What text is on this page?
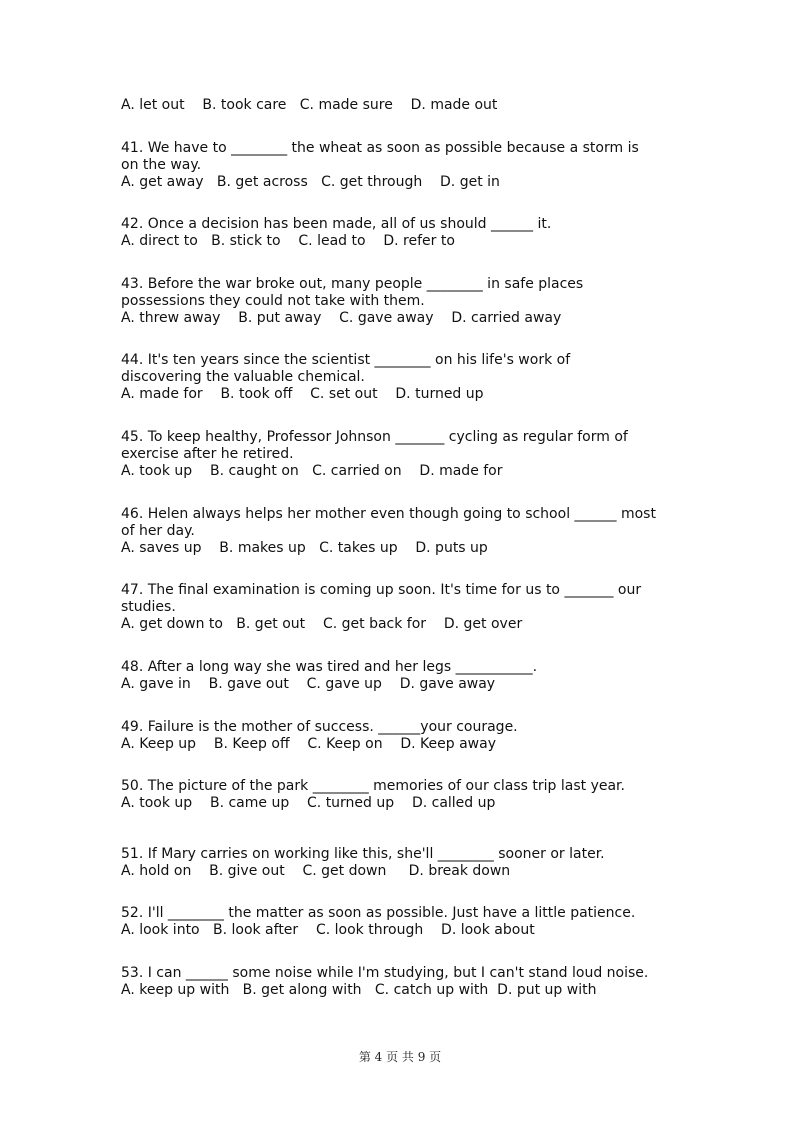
A. let out    B. took care   C. made sure    D. made out
41. We have to ________ the wheat as soon as possible because a storm is
on the way.
A. get away   B. get across   C. get through    D. get in
42. Once a decision has been made, all of us should ______ it.
A. direct to   B. stick to    C. lead to    D. refer to
43. Before the war broke out, many people ________ in safe places
possessions they could not take with them.
A. threw away    B. put away    C. gave away    D. carried away
44. It's ten years since the scientist ________ on his life's work of
discovering the valuable chemical.
A. made for    B. took off    C. set out    D. turned up
45. To keep healthy, Professor Johnson _______ cycling as regular form of
exercise after he retired.
A. took up    B. caught on   C. carried on    D. made for
46. Helen always helps her mother even though going to school ______ most
of her day.
A. saves up    B. makes up   C. takes up    D. puts up
47. The final examination is coming up soon. It's time for us to _______ our
studies.
A. get down to   B. get out    C. get back for    D. get over
48. After a long way she was tired and her legs ___________.
A. gave in    B. gave out    C. gave up    D. gave away
49. Failure is the mother of success. ______your courage.
A. Keep up    B. Keep off    C. Keep on    D. Keep away
50. The picture of the park ________ memories of our class trip last year.
A. took up    B. came up    C. turned up    D. called up
51. If Mary carries on working like this, she'll ________ sooner or later.
A. hold on    B. give out    C. get down     D. break down
52. I'll ________ the matter as soon as possible. Just have a little patience.
A. look into   B. look after    C. look through    D. look about
53. I can ______ some noise while I'm studying, but I can't stand loud noise.
A. keep up with   B. get along with   C. catch up with  D. put up with
第 4 页 共 9 页
